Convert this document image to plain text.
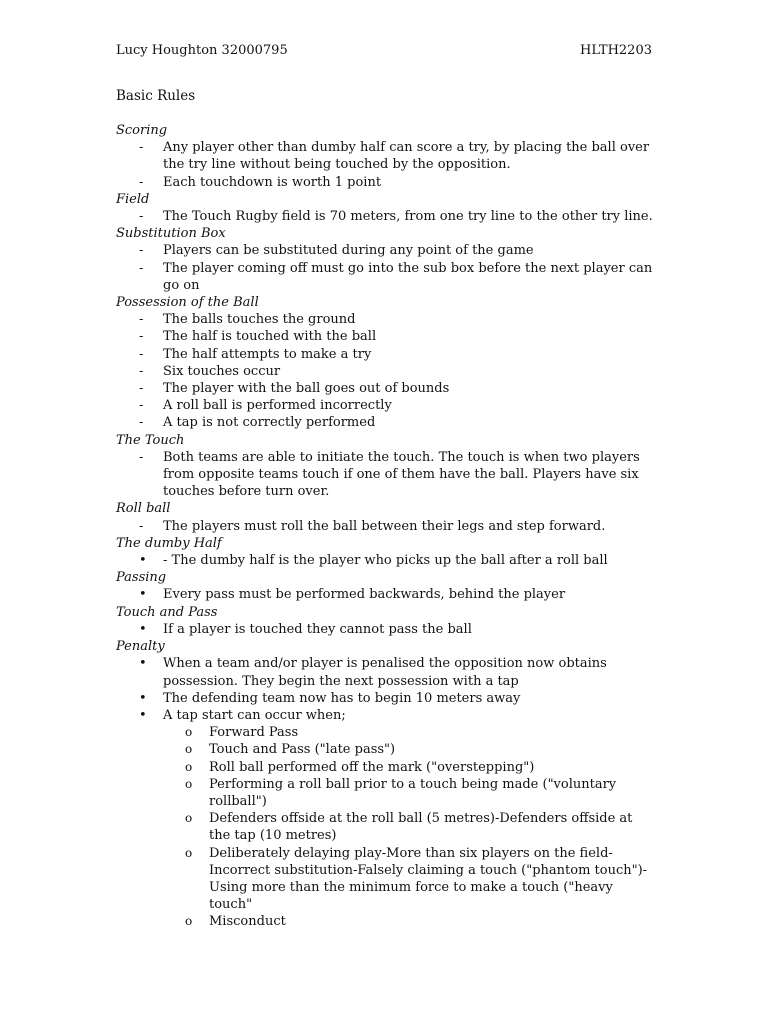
Lucy Houghton 32000795	HLTH2203
Basic Rules
Scoring
- Any player other than dumby half can score a try, by placing the ball over the try line without being touched by the opposition.
- Each touchdown is worth 1 point
Field
- The Touch Rugby field is 70 meters, from one try line to the other try line.
Substitution Box
- Players can be substituted during any point of the game
- The player coming off must go into the sub box before the next player can go on
Possession of the Ball
- The balls touches the ground
- The half is touched with the ball
- The half attempts to make a try
- Six touches occur
- The player with the ball goes out of bounds
- A roll ball is performed incorrectly
- A tap is not correctly performed
The Touch
- Both teams are able to initiate the touch. The touch is when two players from opposite teams touch if one of them have the ball. Players have six touches before turn over.
Roll ball
- The players must roll the ball between their legs and step forward.
The dumby Half
• - The dumby half is the player who picks up the ball after a roll ball
Passing
• Every pass must be performed backwards, behind the player
Touch and Pass
• If a player is touched they cannot pass the ball
Penalty
• When a team and/or player is penalised the opposition now obtains possession. They begin the next possession with a tap
• The defending team now has to begin 10 meters away
• A tap start can occur when;
o Forward Pass
o Touch and Pass ("late pass")
o Roll ball performed off the mark ("overstepping")
o Performing a roll ball prior to a touch being made ("voluntary rollball")
o Defenders offside at the roll ball (5 metres)-Defenders offside at the tap (10 metres)
o Deliberately delaying play-More than six players on the field-Incorrect substitution-Falsely claiming a touch ("phantom touch")-Using more than the minimum force to make a touch ("heavy touch"
o Misconduct
